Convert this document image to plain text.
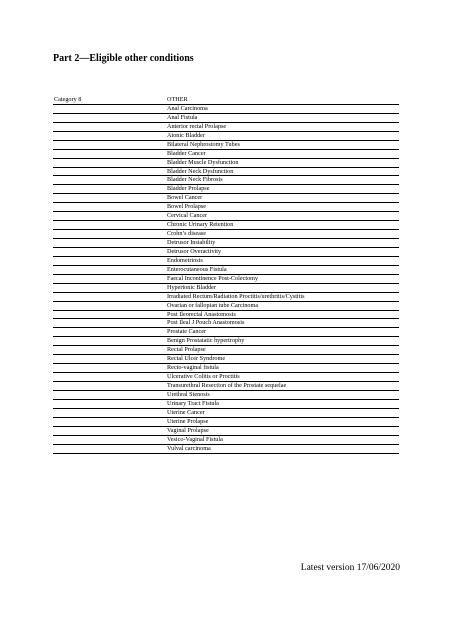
Part 2—Eligible other conditions
Category 8	OTHER
Anal Carcinoma
Anal Fistula
Anterior rectal Prolapse
Atonic Bladder
Bilateral Nephrostomy Tubes
Bladder Cancer
Bladder Muscle Dysfunction
Bladder Neck Dysfunction
Bladder Neck Fibrosis
Bladder Prolapse
Bowel Cancer
Bowel Prolapse
Cervical Cancer
Chronic Urinary Retention
Crohn’s disease
Detrusor Instability
Detrusor Overactivity
Endometriosis
Enterocutaneous Fistula
Faecal Incontinence Post-Colectomy
Hypertonic Bladder
Irradiated Rectum/Radiation Proctitis/urethritis/Cystitis
Ovarian or fallopian tube Carcinoma
Post Ileorectal Anastomosis
Post Ileal J Pouch Anastomosis
Prostate Cancer
Benign Prostatatic hypertrophy
Rectal Prolapse
Rectal Ulcer Syndrome
Recto-vaginal fistula
Ulcerative Colitis or Proctitis
Transurethral Resection of the Prostate sequelae
Urethral Stenosis
Urinary Tract Fistula
Uterine Cancer
Uterine Prolapse
Vaginal Prolapse
Vesico-Vaginal Fistula
Vulval carcinoma
Latest version 17/06/2020
